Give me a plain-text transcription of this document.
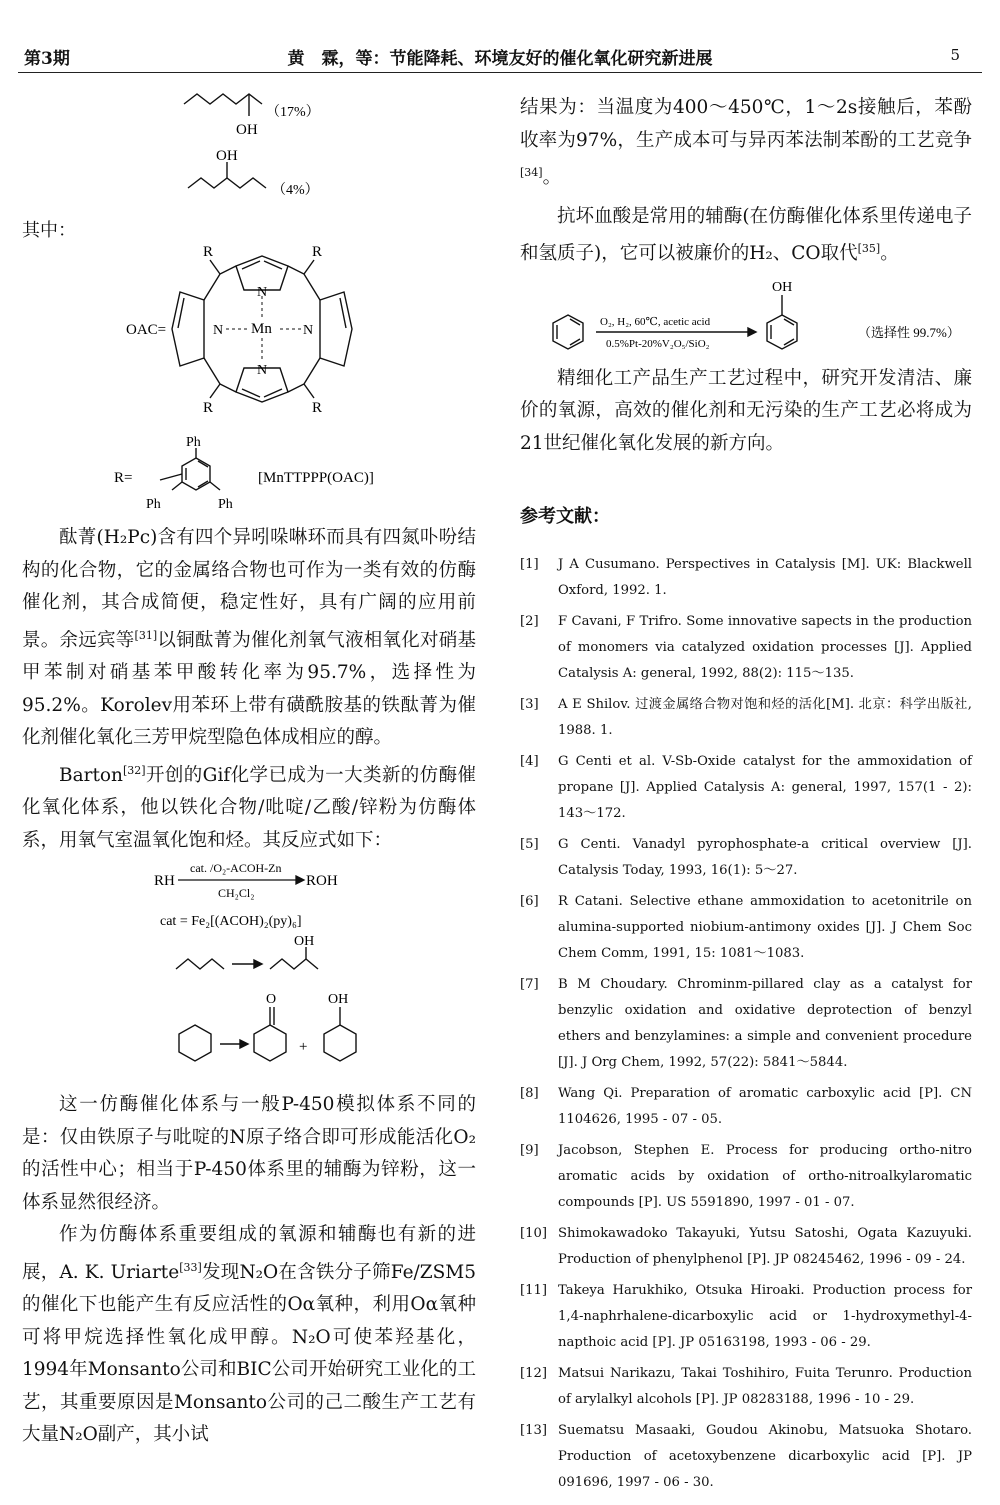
第3期	黄　霖，等：节能降耗、环境友好的催化氧化研究新进展	5
（17%）
OH
OH
（4%）
其中：
OAC=
R	R
R	R
Mn
N	N
N
N
Ph
Ph	Ph
R=	[MnTTPPP(OAC)]

酞菁(H₂Pc)含有四个异吲哚啉环而具有四氮卟吩结构的化合物，它的金属络合物也可作为一类有效的仿酶催化剂，其合成简便，稳定性好，具有广阔的应用前景。余远宾等[31]以铜酞菁为催化剂氧气液相氧化对硝基甲苯制对硝基苯甲酸转化率为95.7%，选择性为95.2%。Korolev用苯环上带有磺酰胺基的铁酞菁为催化剂催化氧化三芳甲烷型隐色体成相应的醇。

Barton[32]开创的Gif化学已成为一大类新的仿酶催化氧化体系，他以铁化合物/吡啶/乙酸/锌粉为仿酶体系，用氧气室温氧化饱和烃。其反应式如下：

RH
cat. /O₂-ACOH-Zn
CH₂Cl₂
ROH
cat = Fe₂[(ACOH)₂(py)₆]
OH
O	OH
+

这一仿酶催化体系与一般P-450模拟体系不同的是：仅由铁原子与吡啶的N原子络合即可形成能活化O₂的活性中心；相当于P-450体系里的辅酶为锌粉，这一体系显然很经济。

作为仿酶体系重要组成的氧源和辅酶也有新的进展，A. K. Uriarte[33]发现N₂O在含铁分子筛Fe/ZSM5的催化下也能产生有反应活性的Oα氧种，利用Oα氧种可将甲烷选择性氧化成甲醇。N₂O可使苯羟基化，1994年Monsanto公司和BIC公司开始研究工业化的工艺，其重要原因是Monsanto公司的己二酸生产工艺有大量N₂O副产，其小试

结果为：当温度为400～450℃，1～2s接触后，苯酚收率为97%，生产成本可与异丙苯法制苯酚的工艺竞争[34]。

抗坏血酸是常用的辅酶(在仿酶催化体系里传递电子和氢质子)，它可以被廉价的H₂、CO取代[35]。

OH
O₂, H₂, 60℃, acetic acid
0.5%Pt-20%V₂O₅/SiO₂
（选择性 99.7%）

精细化工产品生产工艺过程中，研究开发清洁、廉价的氧源，高效的催化剂和无污染的生产工艺必将成为21世纪催化氧化发展的新方向。

参考文献：
[1]	J A Cusumano. Perspectives in Catalysis [M]. UK: Blackwell Oxford, 1992. 1.
[2]	F Cavani, F Trifro. Some innovative sapects in the production of monomers via catalyzed oxidation processes [J]. Applied Catalysis A: general, 1992, 88(2): 115～135.
[3]	A E Shilov. 过渡金属络合物对饱和烃的活化[M]. 北京：科学出版社, 1988. 1.
[4]	G Centi et al. V-Sb-Oxide catalyst for the ammoxidation of propane [J]. Applied Catalysis A: general, 1997, 157(1 - 2): 143～172.
[5]	G Centi. Vanadyl pyrophosphate-a critical overview [J]. Catalysis Today, 1993, 16(1): 5～27.
[6]	R Catani. Selective ethane ammoxidation to acetonitrile on alumina-supported niobium-antimony oxides [J]. J Chem Soc Chem Comm, 1991, 15: 1081～1083.
[7]	B M Choudary. Chrominm-pillared clay as a catalyst for benzylic oxidation and oxidative deprotection of benzyl ethers and benzylamines: a simple and convenient procedure [J]. J Org Chem, 1992, 57(22): 5841～5844.
[8]	Wang Qi. Preparation of aromatic carboxylic acid [P]. CN 1104626, 1995 - 07 - 05.
[9]	Jacobson, Stephen E. Process for producing ortho-nitro aromatic acids by oxidation of ortho-nitroalkylaromatic compounds [P]. US 5591890, 1997 - 01 - 07.
[10] Shimokawadoko Takayuki, Yutsu Satoshi, Ogata Kazuyuki. Production of phenylphenol [P]. JP 08245462, 1996 - 09 - 24.
[11] Takeya Harukhiko, Otsuka Hiroaki. Production process for 1,4-naphrhalene-dicarboxylic acid or 1-hydroxymethyl-4-napthoic acid [P]. JP 05163198, 1993 - 06 - 29.
[12] Matsui Narikazu, Takai Toshihiro, Fuita Terunro. Production of arylalkyl alcohols [P]. JP 08283188, 1996 - 10 - 29.
[13] Suematsu Masaaki, Goudou Akinobu, Matsuoka Shotaro. Production of acetoxybenzene dicarboxylic acid [P]. JP 091696, 1997 - 06 - 30.
